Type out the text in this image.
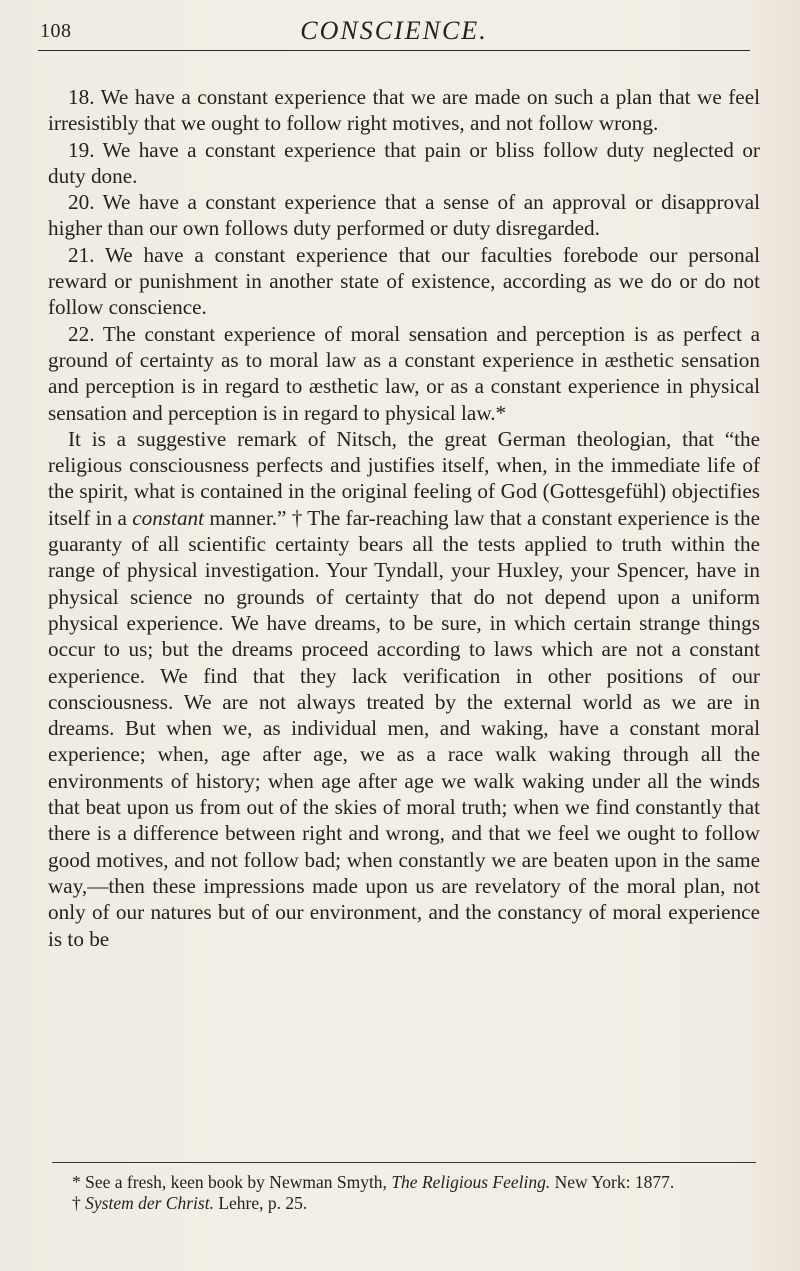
108	CONSCIENCE.

18. We have a constant experience that we are made on such a plan that we feel irresistibly that we ought to follow right motives, and not follow wrong.

19. We have a constant experience that pain or bliss follow duty neglected or duty done.

20. We have a constant experience that a sense of an approval or disapproval higher than our own follows duty performed or duty disregarded.

21. We have a constant experience that our faculties forebode our personal reward or punishment in another state of existence, according as we do or do not follow conscience.

22. The constant experience of moral sensation and perception is as perfect a ground of certainty as to moral law as a constant experience in æsthetic sensation and perception is in regard to æsthetic law, or as a constant experience in physical sensation and perception is in regard to physical law.*

It is a suggestive remark of Nitsch, the great German theologian, that “the religious consciousness perfects and justifies itself, when, in the immediate life of the spirit, what is contained in the original feeling of God (Gottesgefühl) objectifies itself in a constant manner.” † The far-reaching law that a constant experience is the guaranty of all scientific certainty bears all the tests applied to truth within the range of physical investigation. Your Tyndall, your Huxley, your Spencer, have in physical science no grounds of certainty that do not depend upon a uniform physical experience. We have dreams, to be sure, in which certain strange things occur to us; but the dreams proceed according to laws which are not a constant experience. We find that they lack verification in other positions of our consciousness. We are not always treated by the external world as we are in dreams. But when we, as individual men, and waking, have a constant moral experience; when, age after age, we as a race walk waking through all the environments of history; when age after age we walk waking under all the winds that beat upon us from out of the skies of moral truth; when we find constantly that there is a difference between right and wrong, and that we feel we ought to follow good motives, and not follow bad; when constantly we are beaten upon in the same way,—then these impressions made upon us are revelatory of the moral plan, not only of our natures but of our environment, and the constancy of moral experience is to be

* See a fresh, keen book by Newman Smyth, The Religious Feeling. New York: 1877.

† System der Christ. Lehre, p. 25.
